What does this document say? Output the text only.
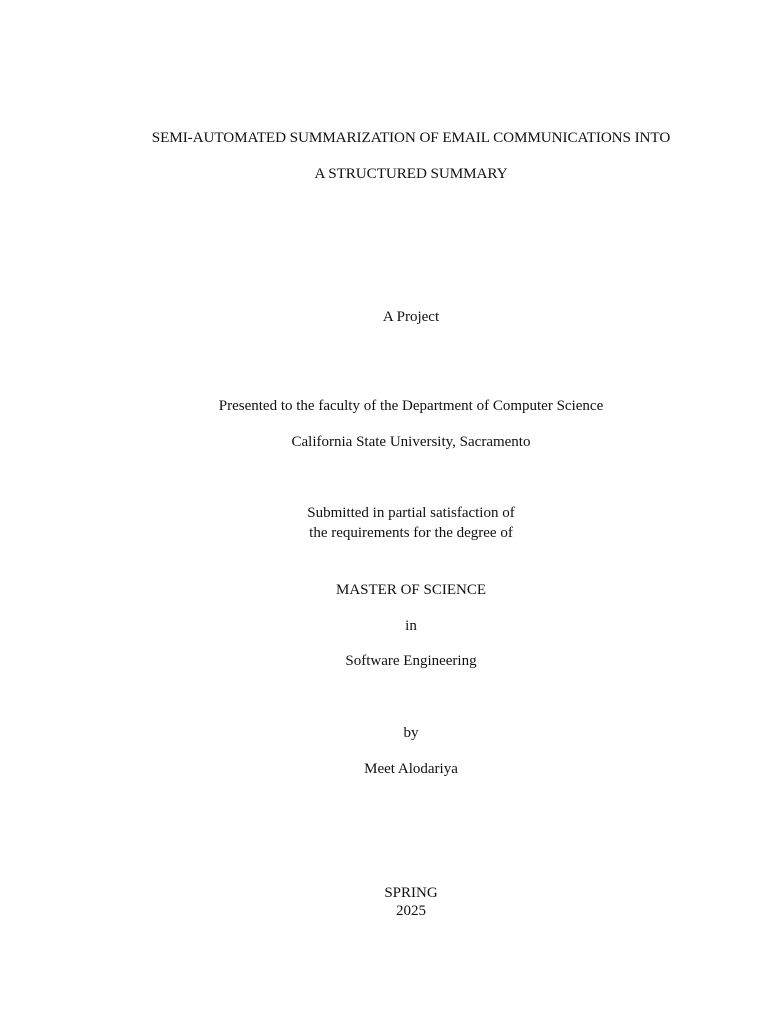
SEMI-AUTOMATED SUMMARIZATION OF EMAIL COMMUNICATIONS INTO
A STRUCTURED SUMMARY
A Project
Presented to the faculty of the Department of Computer Science
California State University, Sacramento
Submitted in partial satisfaction of
the requirements for the degree of
MASTER OF SCIENCE
in
Software Engineering
by
Meet Alodariya
SPRING
2025
